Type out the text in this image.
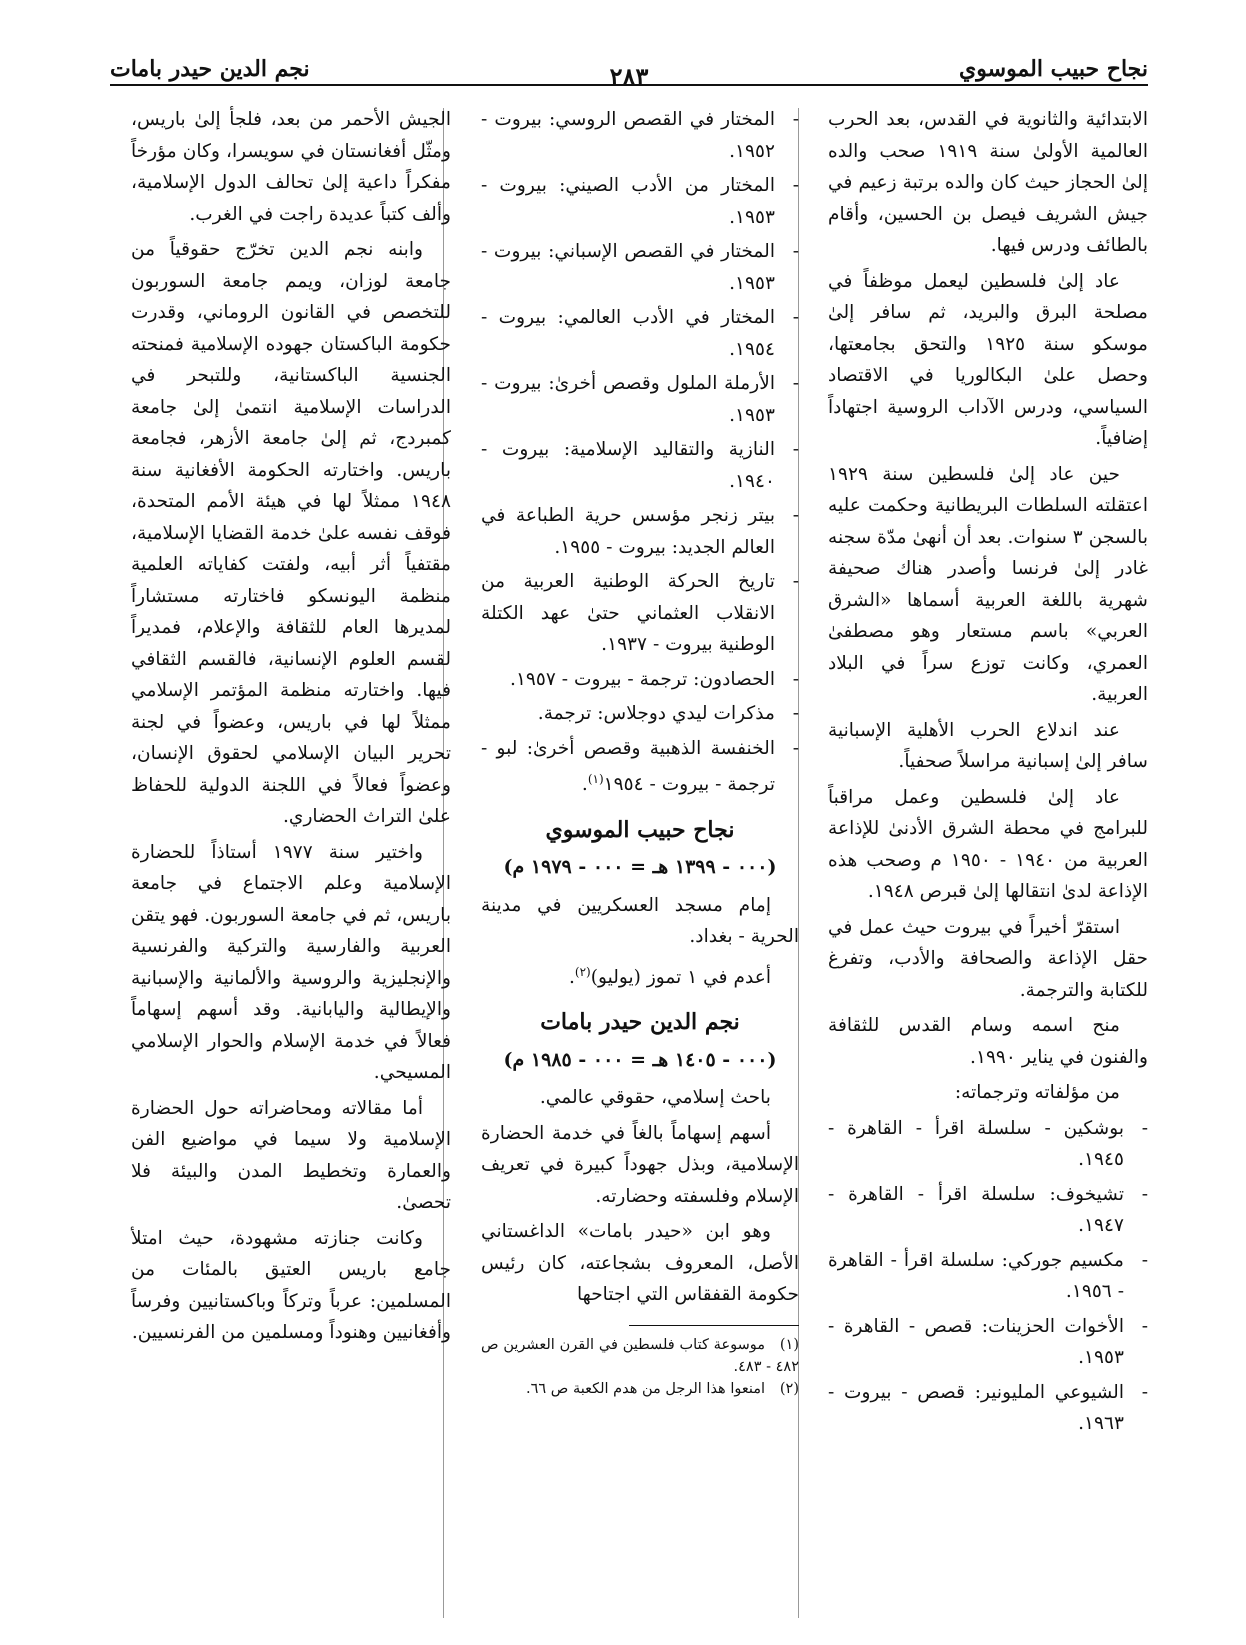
نجاح حبيب الموسوي
٢٨٣
نجم الدين حيدر بامات

الابتدائية والثانوية في القدس، بعد الحرب العالمية الأولىٰ سنة ١٩١٩ صحب والده إلىٰ الحجاز حيث كان والده برتبة زعيم في جيش الشريف فيصل بن الحسين، وأقام بالطائف ودرس فيها.

عاد إلىٰ فلسطين ليعمل موظفاً في مصلحة البرق والبريد، ثم سافر إلىٰ موسكو سنة ١٩٢٥ والتحق بجامعتها، وحصل علىٰ البكالوريا في الاقتصاد السياسي، ودرس الآداب الروسية اجتهاداً إضافياً.

حين عاد إلىٰ فلسطين سنة ١٩٢٩ اعتقلته السلطات البريطانية وحكمت عليه بالسجن ٣ سنوات. بعد أن أنهىٰ مدّة سجنه غادر إلىٰ فرنسا وأصدر هناك صحيفة شهرية باللغة العربية أسماها «الشرق العربي» باسم مستعار وهو مصطفىٰ العمري، وكانت توزع سراً في البلاد العربية.

عند اندلاع الحرب الأهلية الإسبانية سافر إلىٰ إسبانية مراسلاً صحفياً.

عاد إلىٰ فلسطين وعمل مراقباً للبرامج في محطة الشرق الأدنىٰ للإذاعة العربية من ١٩٤٠ - ١٩٥٠ م وصحب هذه الإذاعة لدىٰ انتقالها إلىٰ قبرص ١٩٤٨.

استقرّ أخيراً في بيروت حيث عمل في حقل الإذاعة والصحافة والأدب، وتفرغ للكتابة والترجمة.

منح اسمه وسام القدس للثقافة والفنون في يناير ١٩٩٠.

من مؤلفاته وترجماته:

-
بوشكين - سلسلة اقرأ - القاهرة - ١٩٤٥.
-
تشيخوف: سلسلة اقرأ - القاهرة - ١٩٤٧.
-
مكسيم جوركي: سلسلة اقرأ - القاهرة - ١٩٥٦.
-
الأخوات الحزينات: قصص - القاهرة - ١٩٥٣.
-
الشيوعي المليونير: قصص - بيروت - ١٩٦٣.
-
المختار في القصص الروسي: بيروت - ١٩٥٢.
-
المختار من الأدب الصيني: بيروت - ١٩٥٣.
-
المختار في القصص الإسباني: بيروت - ١٩٥٣.
-
المختار في الأدب العالمي: بيروت - ١٩٥٤.
-
الأرملة الملول وقصص أخرىٰ: بيروت - ١٩٥٣.
-
النازية والتقاليد الإسلامية: بيروت - ١٩٤٠.
-
بيتر زنجر مؤسس حرية الطباعة في العالم الجديد: بيروت - ١٩٥٥.
-
تاريخ الحركة الوطنية العربية من الانقلاب العثماني حتىٰ عهد الكتلة الوطنية بيروت - ١٩٣٧.
-
الحصادون: ترجمة - بيروت - ١٩٥٧.
-
مذكرات ليدي دوجلاس: ترجمة.
-
الخنفسة الذهبية وقصص أخرىٰ: لبو - ترجمة - بيروت - ١٩٥٤$^{(١)}$.
نجاح حبيب الموسوي
(٠٠٠ - ١٣٩٩ هـ = ٠٠٠ - ١٩٧٩ م)

إمام مسجد العسكريين في مدينة الحرية - بغداد.

أعدم في ١ تموز (يوليو)$^{(٢)}$.

نجم الدين حيدر بامات
(٠٠٠ - ١٤٠٥ هـ = ٠٠٠ - ١٩٨٥ م)

باحث إسلامي، حقوقي عالمي.

أسهم إسهاماً بالغاً في خدمة الحضارة الإسلامية، وبذل جهوداً كبيرة في تعريف الإسلام وفلسفته وحضارته.

وهو ابن «حيدر بامات» الداغستاني الأصل، المعروف بشجاعته، كان رئيس حكومة القفقاس التي اجتاحها

(١)موسوعة كتاب فلسطين في القرن العشرين ص ٤٨٢ - ٤٨٣.

(٢)امنعوا هذا الرجل من هدم الكعبة ص ٦٦.

الجيش الأحمر من بعد، فلجأ إلىٰ باريس، ومثّل أفغانستان في سويسرا، وكان مؤرخاً مفكراً داعية إلىٰ تحالف الدول الإسلامية، وألف كتباً عديدة راجت في الغرب.

وابنه نجم الدين تخرّج حقوقياً من جامعة لوزان، ويمم جامعة السوربون للتخصص في القانون الروماني، وقدرت حكومة الباكستان جهوده الإسلامية فمنحته الجنسية الباكستانية، وللتبحر في الدراسات الإسلامية انتمىٰ إلىٰ جامعة كمبردج، ثم إلىٰ جامعة الأزهر، فجامعة باريس. واختارته الحكومة الأفغانية سنة ١٩٤٨ ممثلاً لها في هيئة الأمم المتحدة، فوقف نفسه علىٰ خدمة القضايا الإسلامية، مقتفياً أثر أبيه، ولفتت كفاياته العلمية منظمة اليونسكو فاختارته مستشاراً لمديرها العام للثقافة والإعلام، فمديراً لقسم العلوم الإنسانية، فالقسم الثقافي فيها. واختارته منظمة المؤتمر الإسلامي ممثلاً لها في باريس، وعضواً في لجنة تحرير البيان الإسلامي لحقوق الإنسان، وعضواً فعالاً في اللجنة الدولية للحفاظ علىٰ التراث الحضاري.

واختير سنة ١٩٧٧ أستاذاً للحضارة الإسلامية وعلم الاجتماع في جامعة باريس، ثم في جامعة السوربون. فهو يتقن العربية والفارسية والتركية والفرنسية والإنجليزية والروسية والألمانية والإسبانية والإيطالية واليابانية. وقد أسهم إسهاماً فعالاً في خدمة الإسلام والحوار الإسلامي المسيحي.

أما مقالاته ومحاضراته حول الحضارة الإسلامية ولا سيما في مواضيع الفن والعمارة وتخطيط المدن والبيئة فلا تحصىٰ.

وكانت جنازته مشهودة، حيث امتلأ جامع باريس العتيق بالمئات من المسلمين: عرباً وتركاً وباكستانيين وفرساً وأفغانيين وهنوداً ومسلمين من الفرنسيين.
